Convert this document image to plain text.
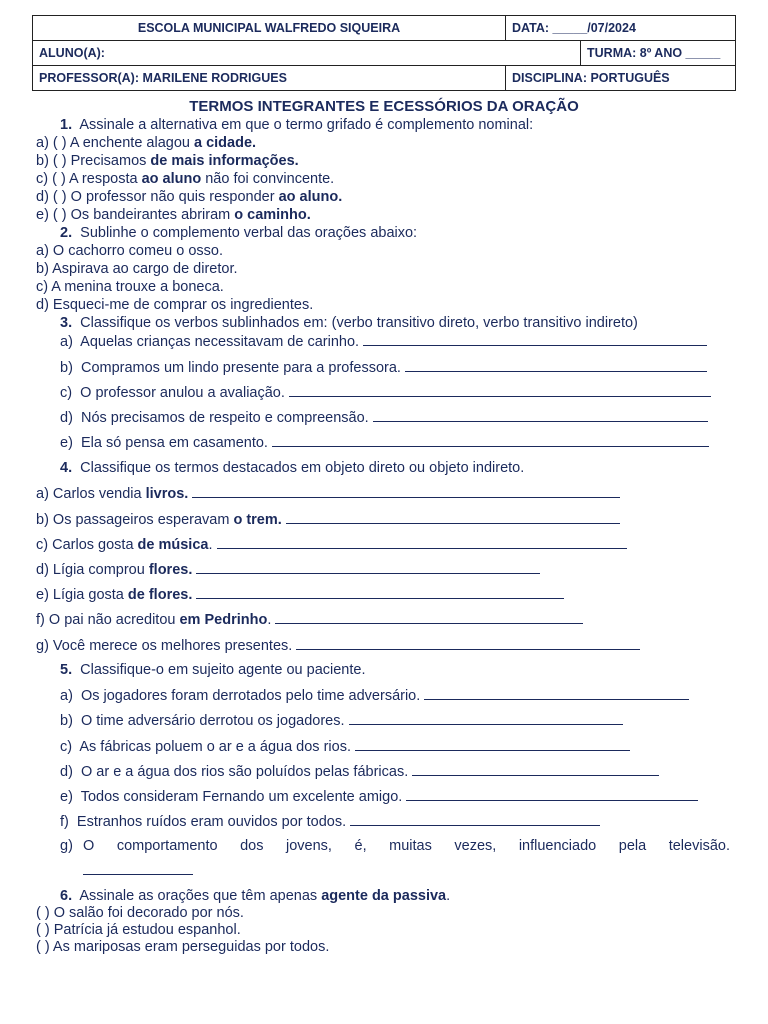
ESCOLA MUNICIPAL WALFREDO SIQUEIRA	DATA: _____/07/2024	
ALUNO(A):		TURMA: 8º ANO _____
PROFESSOR(A): MARILENE RODRIGUES	DISCIPLINA: PORTUGUÊS	
TERMOS INTEGRANTES E ECESSÓRIOS DA ORAÇÃO
1. Assinale a alternativa em que o termo grifado é complemento nominal:
a) ( ) A enchente alagou a cidade.
b) ( ) Precisamos de mais informações.
c) ( ) A resposta ao aluno não foi convincente.
d) ( ) O professor não quis responder ao aluno.
e) ( ) Os bandeirantes abriram o caminho.
2. Sublinhe o complemento verbal das orações abaixo:
a) O cachorro comeu o osso.
b) Aspirava ao cargo de diretor.
c) A menina trouxe a boneca.
d) Esqueci-me de comprar os ingredientes.
3. Classifique os verbos sublinhados em: (verbo transitivo direto, verbo transitivo indireto)
a) Aquelas crianças necessitavam de carinho.
b) Compramos um lindo presente para a professora.
c) O professor anulou a avaliação.
d) Nós precisamos de respeito e compreensão.
e) Ela só pensa em casamento.
4. Classifique os termos destacados em objeto direto ou objeto indireto.
a) Carlos vendia livros.
b) Os passageiros esperavam o trem.
c) Carlos gosta de música.
d) Lígia comprou flores.
e) Lígia gosta de flores.
f) O pai não acreditou em Pedrinho.
g) Você merece os melhores presentes.
5. Classifique-o em sujeito agente ou paciente.
a) Os jogadores foram derrotados pelo time adversário.
b) O time adversário derrotou os jogadores.
c) As fábricas poluem o ar e a água dos rios.
d) O ar e a água dos rios são poluídos pelas fábricas.
e) Todos consideram Fernando um excelente amigo.
f) Estranhos ruídos eram ouvidos por todos.
g) O comportamento dos jovens, é, muitas vezes, influenciado pela televisão.
6. Assinale as orações que têm apenas agente da passiva.
( ) O salão foi decorado por nós.
( ) Patrícia já estudou espanhol.
( ) As mariposas eram perseguidas por todos.
